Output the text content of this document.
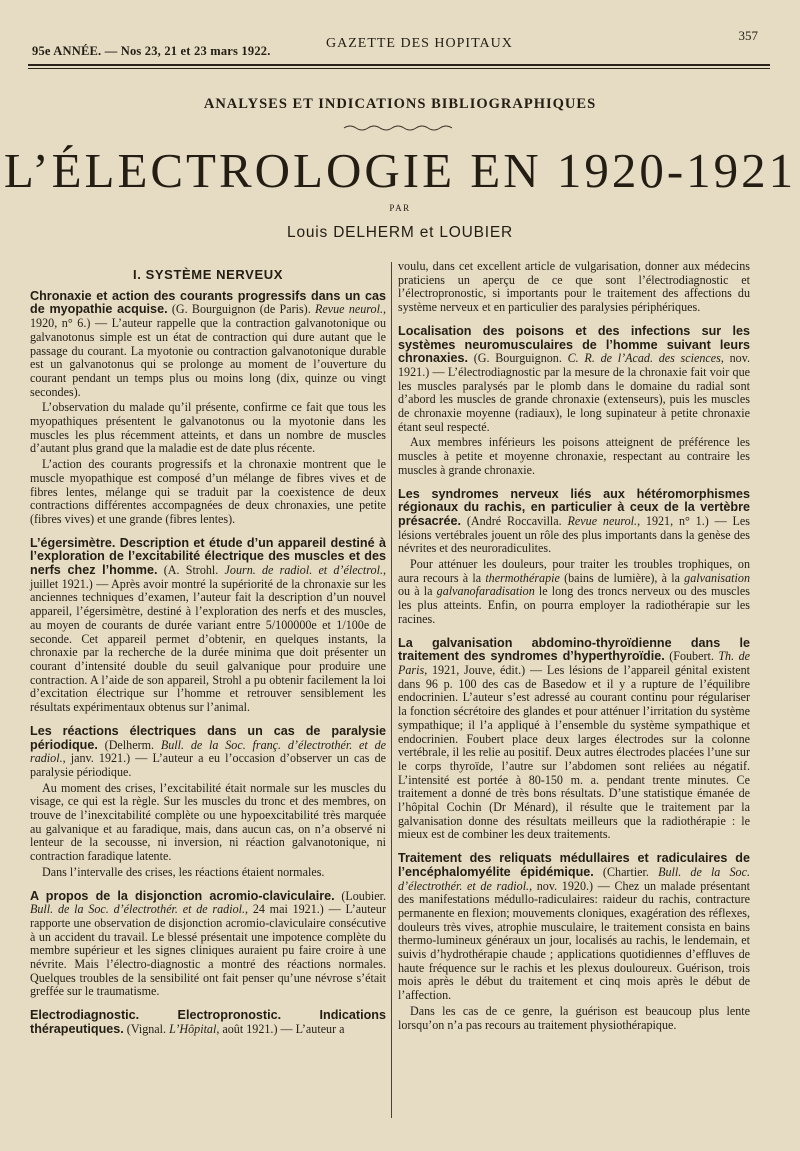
95e ANNÉE. — Nos 23, 21 et 23 mars 1922.	GAZETTE DES HOPITAUX
357
ANALYSES ET INDICATIONS BIBLIOGRAPHIQUES
L’ÉLECTROLOGIE EN 1920-1921
PAR
Louis DELHERM et LOUBIER
I. SYSTÈME NERVEUX

Chronaxie et action des courants progressifs dans un cas de myopathie acquise. (G. Bourguignon (de Paris). Revue neurol., 1920, n° 6.) — L’auteur rappelle que la contraction galvanotonique ou galvanotonus simple est un état de contraction qui dure autant que le passage du courant. La myotonie ou contraction galvanotonique durable est un galvanotonus qui se prolonge au moment de l’ouverture du courant pendant un temps plus ou moins long (dix, quinze ou vingt secondes).

L’observation du malade qu’il présente, confirme ce fait que tous les myopathiques présentent le galvanotonus ou la myotonie dans les muscles les plus récemment atteints, et dans un nombre de muscles d’autant plus grand que la maladie est de date plus récente.

L’action des courants progressifs et la chronaxie montrent que le muscle myopathique est composé d’un mélange de fibres vives et de fibres lentes, mélange qui se traduit par la coexistence de deux contractions différentes accompagnées de deux chronaxies, une petite (fibres vives) et une grande (fibres lentes).

L’égersimètre. Description et étude d’un appareil destiné à l’exploration de l’excitabilité électrique des muscles et des nerfs chez l’homme. (A. Strohl. Journ. de radiol. et d’électrol., juillet 1921.) — Après avoir montré la supériorité de la chronaxie sur les anciennes techniques d’examen, l’auteur fait la description d’un nouvel appareil, l’égersimètre, destiné à l’exploration des nerfs et des muscles, au moyen de courants de durée variant entre 5/100000e et 1/100e de seconde. Cet appareil permet d’obtenir, en quelques instants, la chronaxie par la recherche de la durée minima que doit présenter un courant d’intensité double du seuil galvanique pour produire une contraction. A l’aide de son appareil, Strohl a pu obtenir facilement la loi d’excitation électrique sur l’homme et retrouver sensiblement les résultats expérimentaux obtenus sur l’animal.

Les réactions électriques dans un cas de paralysie périodique. (Delherm. Bull. de la Soc. franç. d’électrothér. et de radiol., janv. 1921.) — L’auteur a eu l’occasion d’observer un cas de paralysie périodique.

Au moment des crises, l’excitabilité était normale sur les muscles du visage, ce qui est la règle. Sur les muscles du tronc et des membres, on trouve de l’inexcitabilité complète ou une hypoexcitabilité très marquée au galvanique et au faradique, mais, dans aucun cas, on n’a observé ni lenteur de la secousse, ni inversion, ni réaction galvanotonique, ni contraction faradique latente.

Dans l’intervalle des crises, les réactions étaient normales.

A propos de la disjonction acromio-claviculaire. (Loubier. Bull. de la Soc. d’électrothér. et de radiol., 24 mai 1921.) — L’auteur rapporte une observation de disjonction acromio-claviculaire consécutive à un accident du travail. Le blessé présentait une impotence complète du membre supérieur et les signes cliniques auraient pu faire croire à une névrite. Mais l’électro-diagnostic a montré des réactions normales. Quelques troubles de la sensibilité ont fait penser qu’une névrose s’était greffée sur le traumatisme.

Electrodiagnostic. Electropronostic. Indications thérapeutiques. (Vignal. L’Hôpital, août 1921.) — L’auteur a

voulu, dans cet excellent article de vulgarisation, donner aux médecins praticiens un aperçu de ce que sont l’électrodiagnostic et l’électropronostic, si importants pour le traitement des affections du système nerveux et en particulier des paralysies périphériques.

Localisation des poisons et des infections sur les systèmes neuromusculaires de l’homme suivant leurs chronaxies. (G. Bourguignon. C. R. de l’Acad. des sciences, nov. 1921.) — L’électrodiagnostic par la mesure de la chronaxie fait voir que les muscles paralysés par le plomb dans le domaine du radial sont d’abord les muscles de grande chronaxie (extenseurs), puis les muscles de chronaxie moyenne (radiaux), le long supinateur à petite chronaxie étant seul respecté.

Aux membres inférieurs les poisons atteignent de préférence les muscles à petite et moyenne chronaxie, respectant au contraire les muscles à grande chronaxie.

Les syndromes nerveux liés aux hétéromorphismes régionaux du rachis, en particulier à ceux de la vertèbre présacrée. (André Roccavilla. Revue neurol., 1921, n° 1.) — Les lésions vertébrales jouent un rôle des plus importants dans la genèse des névrites et des neuroradiculites.

Pour atténuer les douleurs, pour traiter les troubles trophiques, on aura recours à la thermothérapie (bains de lumière), à la galvanisation ou à la galvanofaradisation le long des troncs nerveux ou des muscles les plus atteints. Enfin, on pourra employer la radiothérapie sur les racines.

La galvanisation abdomino-thyroïdienne dans le traitement des syndromes d’hyperthyroïdie. (Foubert. Th. de Paris, 1921, Jouve, édit.) — Les lésions de l’appareil génital existent dans 96 p. 100 des cas de Basedow et il y a rupture de l’équilibre endocrinien. L’auteur s’est adressé au courant continu pour régulariser la fonction sécrétoire des glandes et pour atténuer l’irritation du système sympathique; il l’a appliqué à l’ensemble du système sympathique et endocrinien. Foubert place deux larges électrodes sur la colonne vertébrale, il les relie au positif. Deux autres électrodes placées l’une sur le corps thyroïde, l’autre sur l’abdomen sont reliées au négatif. L’intensité est portée à 80-150 m. a. pendant trente minutes. Ce traitement a donné de très bons résultats. D’une statistique émanée de l’hôpital Cochin (Dr Ménard), il résulte que le traitement par la galvanisation donne des résultats meilleurs que la radiothérapie : le mieux est de combiner les deux traitements.

Traitement des reliquats médullaires et radiculaires de l’encéphalomyélite épidémique. (Chartier. Bull. de la Soc. d’électrothér. et de radiol., nov. 1920.) — Chez un malade présentant des manifestations médullo-radiculaires: raideur du rachis, contracture permanente en flexion; mouvements cloniques, exagération des réflexes, douleurs très vives, atrophie musculaire, le traitement consista en bains thermo-lumineux généraux un jour, localisés au rachis, le lendemain, et suivis d’hydrothérapie chaude ; applications quotidiennes d’effluves de haute fréquence sur le rachis et les plexus douloureux. Guérison, trois mois après le début du traitement et cinq mois après le début de l’affection.

Dans les cas de ce genre, la guérison est beaucoup plus lente lorsqu’on n’a pas recours au traitement physiothérapique.
